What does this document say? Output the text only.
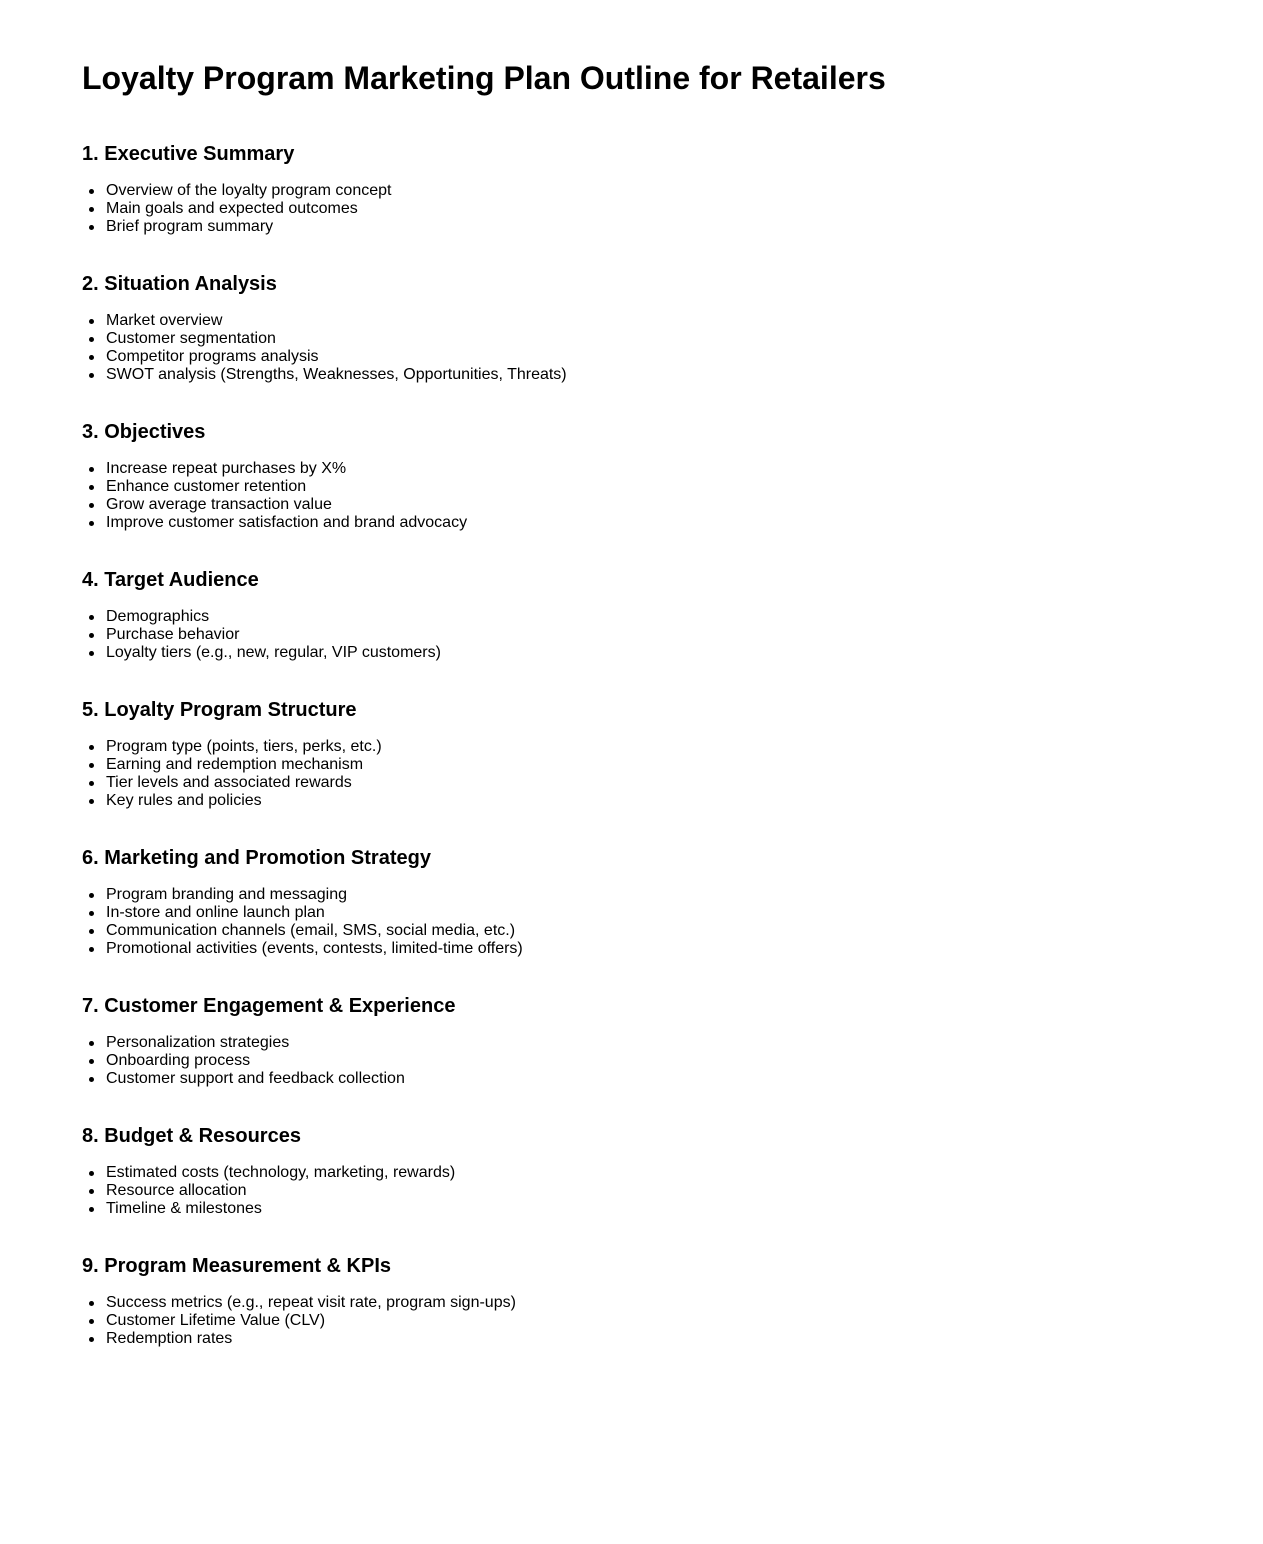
Loyalty Program Marketing Plan Outline for Retailers
1. Executive Summary
Overview of the loyalty program concept
Main goals and expected outcomes
Brief program summary
2. Situation Analysis
Market overview
Customer segmentation
Competitor programs analysis
SWOT analysis (Strengths, Weaknesses, Opportunities, Threats)
3. Objectives
Increase repeat purchases by X%
Enhance customer retention
Grow average transaction value
Improve customer satisfaction and brand advocacy
4. Target Audience
Demographics
Purchase behavior
Loyalty tiers (e.g., new, regular, VIP customers)
5. Loyalty Program Structure
Program type (points, tiers, perks, etc.)
Earning and redemption mechanism
Tier levels and associated rewards
Key rules and policies
6. Marketing and Promotion Strategy
Program branding and messaging
In-store and online launch plan
Communication channels (email, SMS, social media, etc.)
Promotional activities (events, contests, limited-time offers)
7. Customer Engagement & Experience
Personalization strategies
Onboarding process
Customer support and feedback collection
8. Budget & Resources
Estimated costs (technology, marketing, rewards)
Resource allocation
Timeline & milestones
9. Program Measurement & KPIs
Success metrics (e.g., repeat visit rate, program sign-ups)
Customer Lifetime Value (CLV)
Redemption rates
